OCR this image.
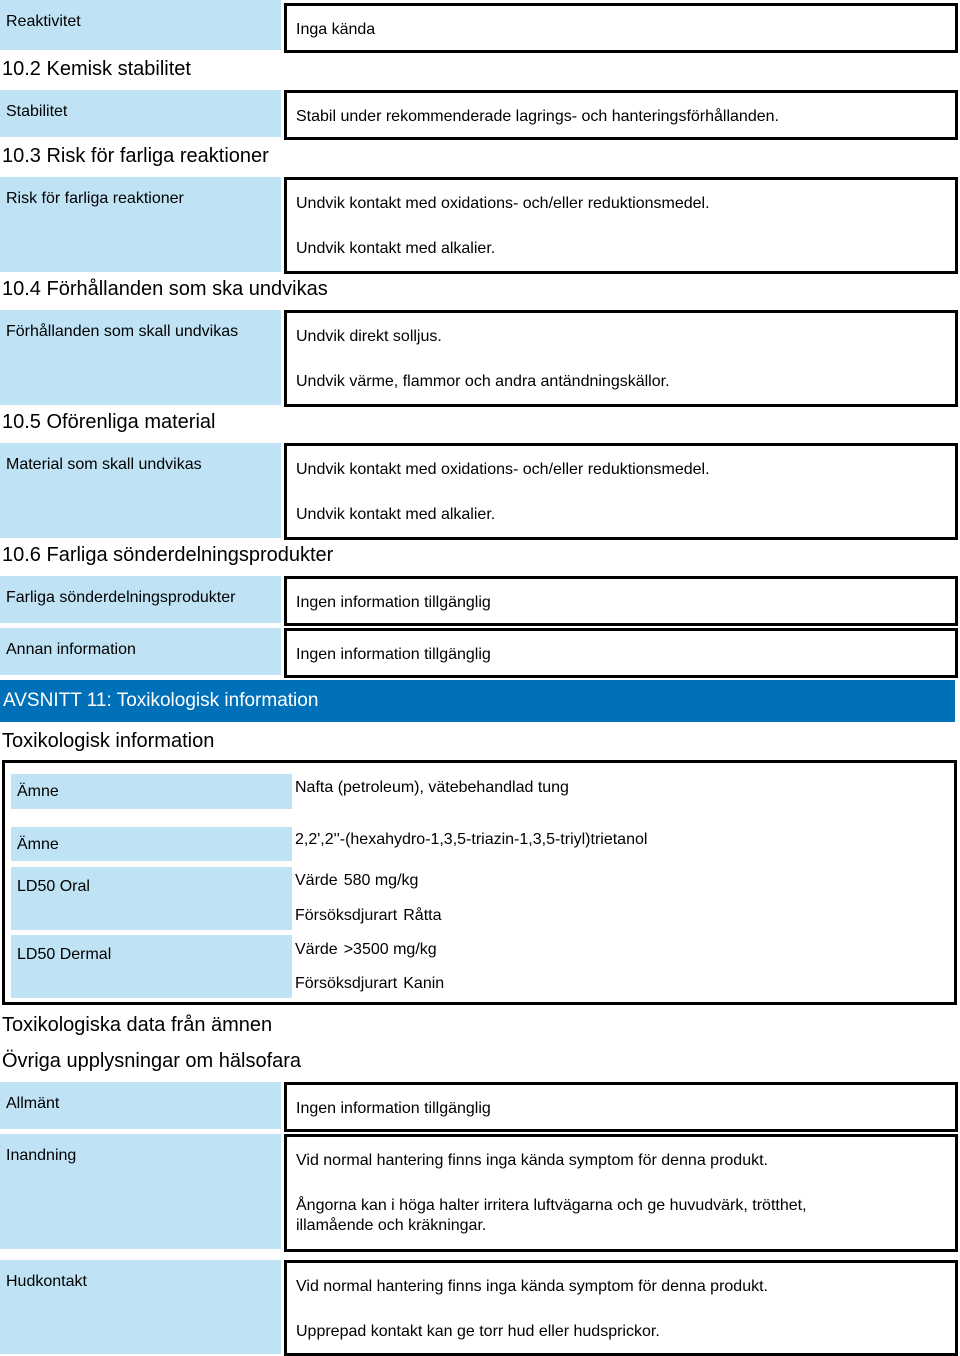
Reaktivitet	Inga kända
10.2 Kemisk stabilitet
Stabilitet	Stabil under rekommenderade lagrings- och hanteringsförhållanden.
10.3 Risk för farliga reaktioner
Risk för farliga reaktioner	Undvik kontakt med oxidations- och/eller reduktionsmedel.
Undvik kontakt med alkalier.
10.4 Förhållanden som ska undvikas
Förhållanden som skall undvikas	Undvik direkt solljus.
Undvik värme, flammor och andra antändningskällor.
10.5 Oförenliga material
Material som skall undvikas	Undvik kontakt med oxidations- och/eller reduktionsmedel.
Undvik kontakt med alkalier.
10.6 Farliga sönderdelningsprodukter
Farliga sönderdelningsprodukter	Ingen information tillgänglig
Annan information	Ingen information tillgänglig
AVSNITT 11: Toxikologisk information
Toxikologisk information
Ämne	Nafta (petroleum), vätebehandlad tung
Ämne	2,2',2''-(hexahydro-1,3,5-triazin-1,3,5-triyl)trietanol
LD50 Oral	Värde 580 mg/kg
Försöksdjurart Råtta
LD50 Dermal	Värde >3500 mg/kg
Försöksdjurart Kanin
Toxikologiska data från ämnen
Övriga upplysningar om hälsofara
Allmänt	Ingen information tillgänglig
Inandning	Vid normal hantering finns inga kända symptom för denna produkt.
Ångorna kan i höga halter irritera luftvägarna och ge huvudvärk, trötthet,
illamående och kräkningar.
Hudkontakt	Vid normal hantering finns inga kända symptom för denna produkt.
Upprepad kontakt kan ge torr hud eller hudsprickor.
